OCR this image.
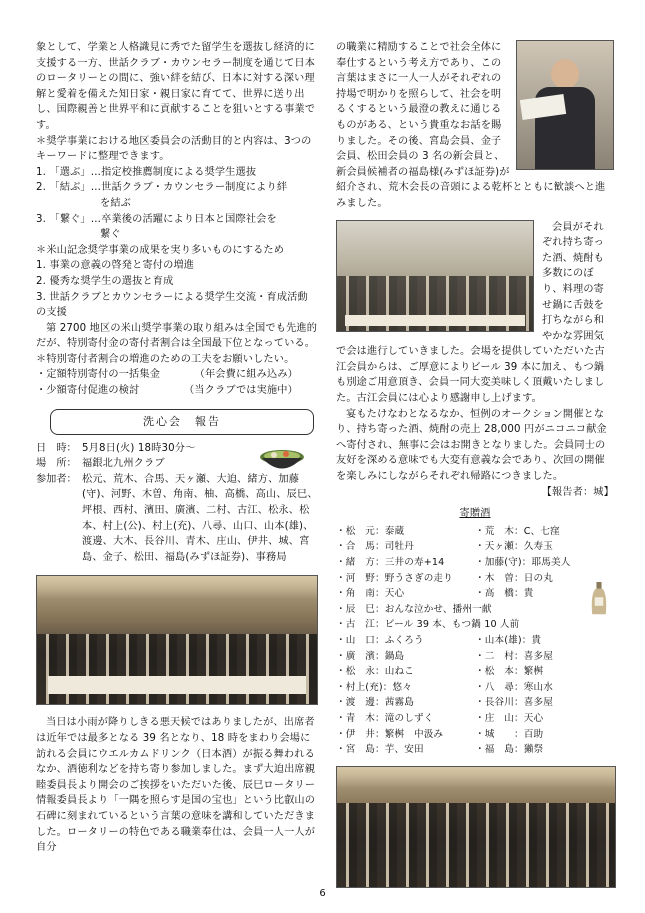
象として、学業と人格識見に秀でた留学生を選抜し経済的に支援する一方、世話クラブ・カウンセラー制度を通じて日本のロータリーとの間に、強い絆を結び、日本に対する深い理解と愛着を備えた知日家・親日家に育てて、世界に送り出し、国際親善と世界平和に貢献することを狙いとする事業です。

＊奨学事業における地区委員会の活動目的と内容は、3つのキーワードに整理できます。

1. 「選ぶ」…指定校推薦制度による奨学生選抜

2. 「結ぶ」…世話クラブ・カウンセラー制度により絆

を結ぶ

3. 「繋ぐ」…卒業後の活躍により日本と国際社会を

繋ぐ

＊米山記念奨学事業の成果を実り多いものにするため

1. 事業の意義の啓発と寄付の増進

2. 優秀な奨学生の選抜と育成

3. 世話クラブとカウンセラーによる奨学生交流・育成活動の支援

第 2700 地区の米山奨学事業の取り組みは全国でも先進的だが、特別寄付金の寄付者割合は全国最下位となっている。

＊特別寄付者割合の増進のための工夫をお願いしたい。

・定額特別寄付の一括集金	（年会費に組み込み）

・少額寄付促進の検討	（当クラブでは実施中）

洗心会　報告
日　時： 5月8日(火) 18時30分～
場　所： 福銀北九州クラブ
参加者： 松元、荒木、合馬、天ヶ瀬、大迫、緒方、加藤(守)、河野、木曽、角南、柚、高橋、高山、辰巳、坪根、西村、濱田、廣濱、二村、古江、松永、松本、村上(公)、村上(充)、八尋、山口、山本(雄)、渡邊、大木、長谷川、青木、庄山、伊井、城、宮島、金子、松田、福島(みずほ証券)、事務局

当日は小雨が降りしきる悪天候ではありましたが、出席者は近年では最多となる 39 名となり、18 時をまわり会場に訪れる会員にウエルカムドリンク（日本酒）が振る舞われるなか、酒徳利などを持ち寄り参加しました。まず大迫出席親睦委員長より開会のご挨拶をいただいた後、辰巳ロータリー情報委員長より「一隅を照らす是国の宝也」という比叡山の石碑に刻まれているという言葉の意味を講和していただきました。ロータリーの特色である職業奉仕は、会員一人一人が自分

の職業に精励することで社会全体に奉仕するという考え方であり、この言葉はまさに一人一人がそれぞれの持場で明かりを照らして、社会を明るくするという最澄の教えに通じるものがある、という貴重なお話を賜りました。その後、宮島会員、金子会員、松田会員の 3 名の新会員と、新会員候補者の福島様(みずほ証券)が紹介され、荒木会長の音頭による乾杯とともに歓談へと進みました。

会員がそれぞれ持ち寄った酒、焼酎も多数にのぼり、料理の寄せ鍋に舌鼓を打ちながら和やかな雰囲気で会は進行していきました。会場を提供していただいた古江会員からは、ご厚意によりビール 39 本に加え、もつ鍋も別途ご用意頂き、会員一同大変美味しく頂戴いたしました。古江会員には心より感謝申し上げます。

宴もたけなわとなるなか、恒例のオークション開催となり、持ち寄った酒、焼酎の売上 28,000 円がニコニコ献金へ寄付され、無事に会はお開きとなりました。会員同士の友好を深める意味でも大変有意義な会であり、次回の開催を楽しみにしながらそれぞれ帰路につきました。

【報告者：城】

寄贈酒

・松　元：泰蔵	・荒　木：C、七窪
・合　馬：司牡丹	・天ヶ瀬：久寿玉
・緒　方：三井の寿+14	・加藤(守)：耶馬美人
・河　野：野うさぎの走り	・木　曽：日の丸
・角　南：天心	・高　橋：貴
・辰　巳：おんな泣かせ、播州一献
・古　江：ビール 39 本、もつ鍋 10 人前
・山　口：ふくろう	・山本(雄)：貴
・廣　濱：鍋島	・二　村：喜多屋
・松　永：山ねこ	・松　本：繁桝
・村上(充)：悠々	・八　尋：寒山水
・渡　邊：茜霧島	・長谷川：喜多屋
・青　木：滝のしずく	・庄　山：天心
・伊　井：繁桝　中汲み	・城　　：百助
・宮　島：芋、安田	・福　島：獺祭
6
